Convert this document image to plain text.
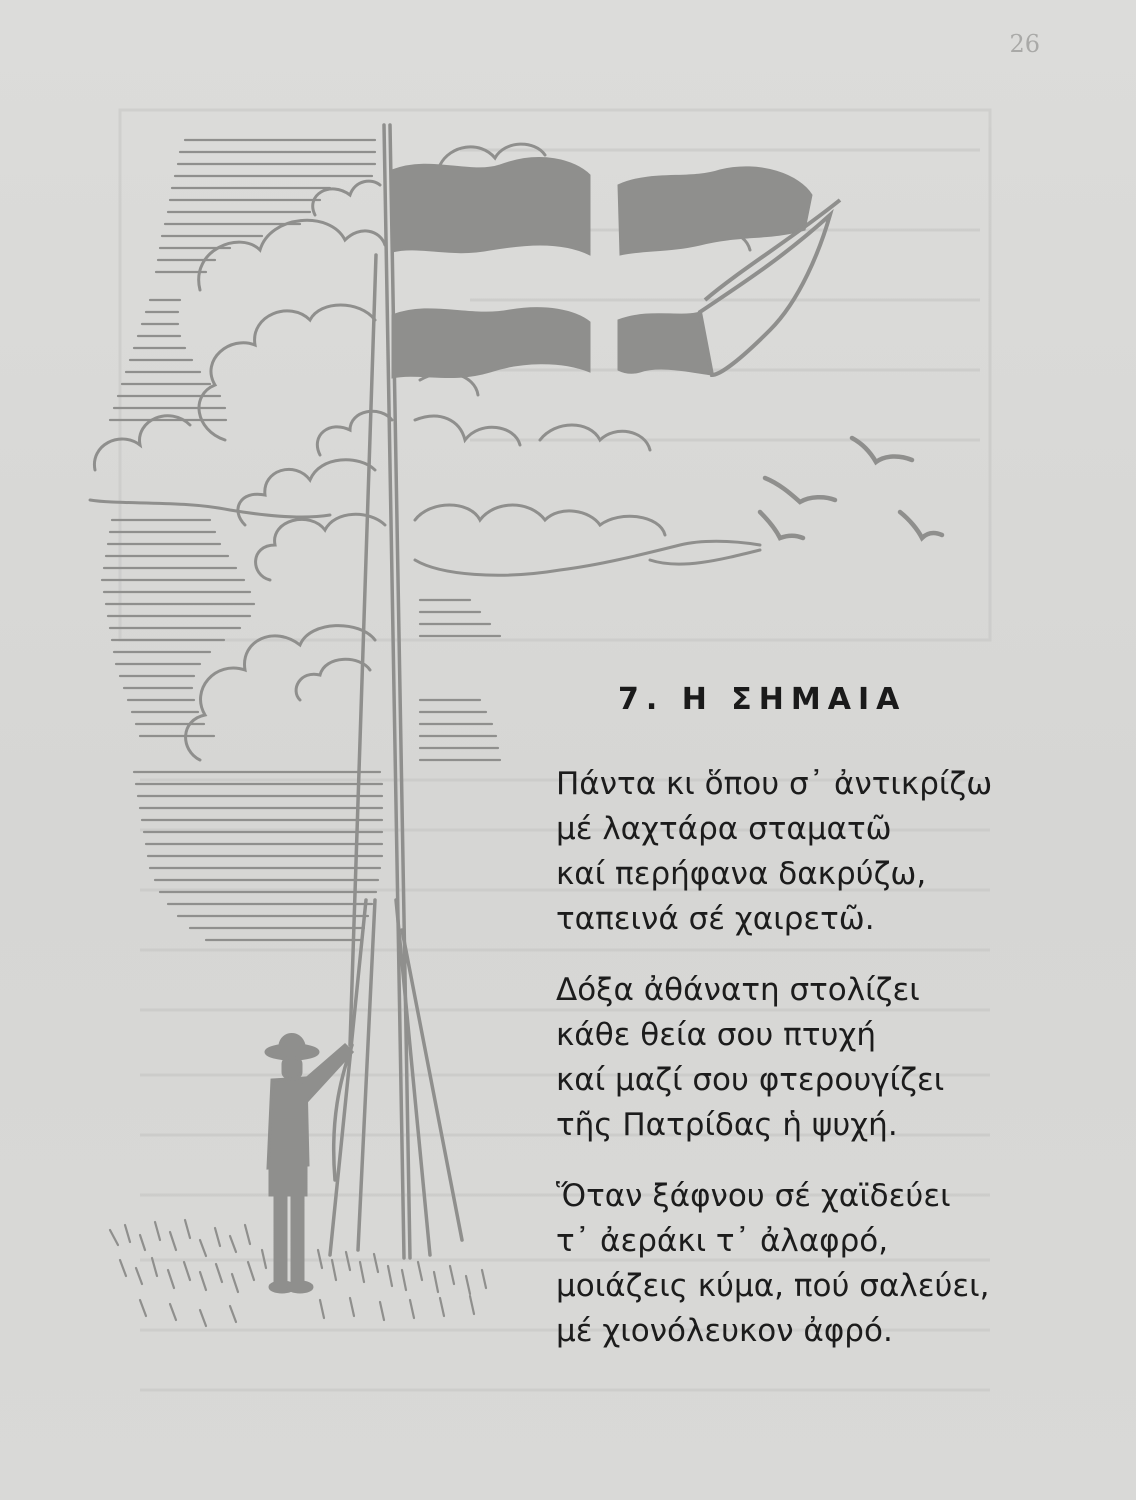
26
7. Η ΣΗΜΑΙΑ
Πάντα κι ὅπου σ᾽ ἀντικρίζω
μέ λαχτάρα σταματῶ
καί περήφανα δακρύζω,
ταπεινά σέ χαιρετῶ.
Δόξα ἀθάνατη στολίζει
κάθε θεία σου πτυχή
καί μαζί σου φτερουγίζει
τῆς Πατρίδας ἡ ψυχή.
Ὅταν ξάφνου σέ χαϊδεύει
τ᾽ ἀεράκι τ᾽ ἀλαφρό,
μοιάζεις κύμα, πού σαλεύει,
μέ χιονόλευκον ἀφρό.
